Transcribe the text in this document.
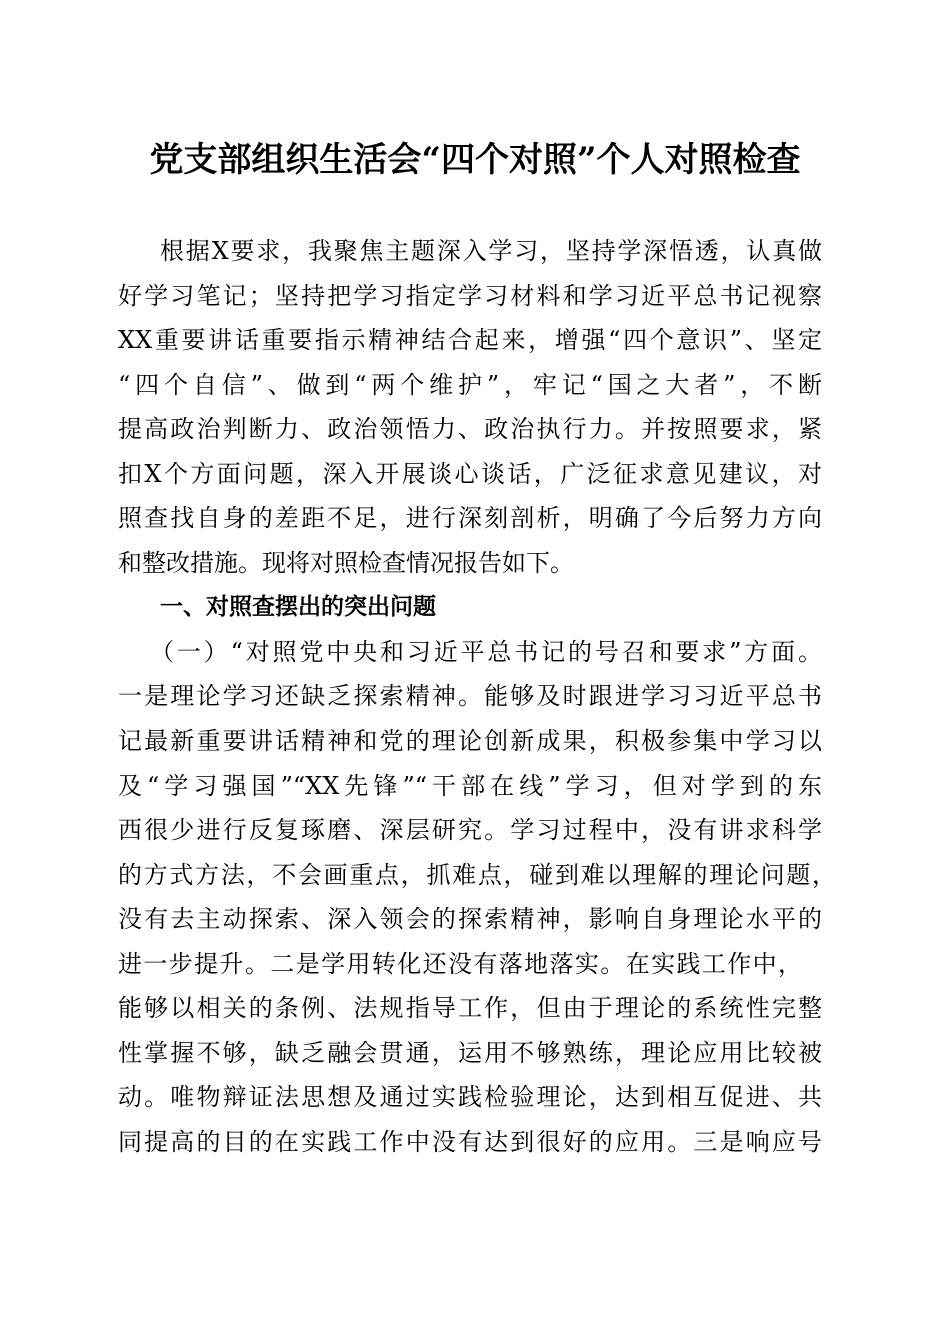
党支部组织生活会“四个对照”个人对照检查
根据X要求，我聚焦主题深入学习，坚持学深悟透，认真做
好学习笔记；坚持把学习指定学习材料和学习近平总书记视察
XX重要讲话重要指示精神结合起来，增强“四个意识”、坚定
“四个自信”、做到“两个维护”，牢记“国之大者”，不断
提高政治判断力、政治领悟力、政治执行力。并按照要求，紧
扣X个方面问题，深入开展谈心谈话，广泛征求意见建议，对
照查找自身的差距不足，进行深刻剖析，明确了今后努力方向
和整改措施。现将对照检查情况报告如下。
一、对照查摆出的突出问题
（一）“对照党中央和习近平总书记的号召和要求”方面。
一是理论学习还缺乏探索精神。能够及时跟进学习习近平总书
记最新重要讲话精神和党的理论创新成果，积极参集中学习以
及“学习强国”“XX先锋”“干部在线”学习，但对学到的东
西很少进行反复琢磨、深层研究。学习过程中，没有讲求科学
的方式方法，不会画重点，抓难点，碰到难以理解的理论问题，
没有去主动探索、深入领会的探索精神，影响自身理论水平的
进一步提升。二是学用转化还没有落地落实。在实践工作中，
能够以相关的条例、法规指导工作，但由于理论的系统性完整
性掌握不够，缺乏融会贯通，运用不够熟练，理论应用比较被
动。唯物辩证法思想及通过实践检验理论，达到相互促进、共
同提高的目的在实践工作中没有达到很好的应用。三是响应号
